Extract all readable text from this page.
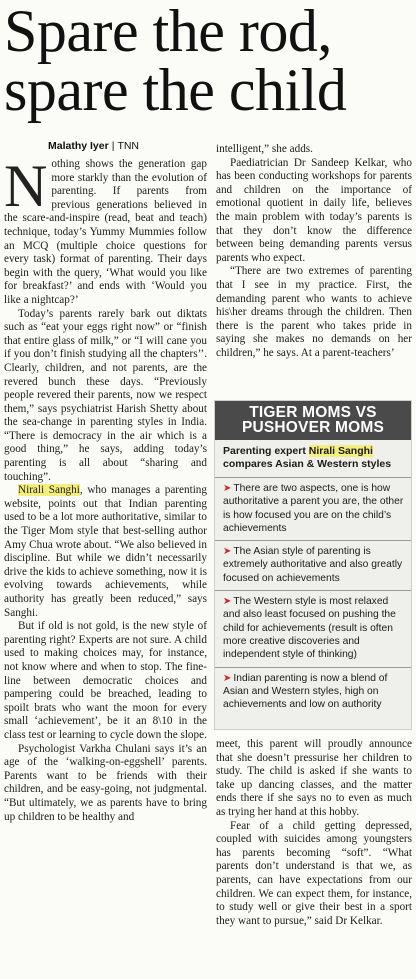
Spare the rod,
spare the child
Malathy Iyer | TNN

Nothing shows the generation gap more starkly than the evolution of parenting. If parents from previous generations believed in the scare-and-inspire (read, beat and teach) technique, today’s Yummy Mummies follow an MCQ (multiple choice questions for every task) format of parenting. Their days begin with the query, ‘What would you like for breakfast?’ and ends with ‘Would you like a nightcap?’

Today’s parents rarely bark out diktats such as “eat your eggs right now” or “finish that entire glass of milk,” or “I will cane you if you don’t finish studying all the chapters’’. Clearly, children, and not parents, are the revered bunch these days. “Previously people revered their parents, now we respect them,” says psychiatrist Harish Shetty about the sea-change in parenting styles in India. “There is democracy in the air which is a good thing,” he says, adding today’s parenting is all about “sharing and touching”.

Nirali Sanghi, who manages a parenting website, points out that Indian parenting used to be a lot more authoritative, similar to the Tiger Mom style that best-selling author Amy Chua wrote about. “We also believed in discipline. But while we didn’t necessarily drive the kids to achieve something, now it is evolving towards achievements, while authority has greatly been reduced,” says Sanghi.

But if old is not gold, is the new style of parenting right? Experts are not sure. A child used to making choices may, for instance, not know where and when to stop. The fine-line between democratic choices and pampering could be breached, leading to spoilt brats who want the moon for every small ‘achievement’, be it an 8\10 in the class test or learning to cycle down the slope.

Psychologist Varkha Chulani says it’s an age of the ‘walking-on-eggshell’ parents. Parents want to be friends with their children, and be easy-going, not judgmental. “But ultimately, we as parents have to bring up children to be healthy and

intelligent,” she adds.

Paediatrician Dr Sandeep Kelkar, who has been conducting workshops for parents and children on the importance of emotional quotient in daily life, believes the main problem with today’s parents is that they don’t know the difference between being demanding parents versus parents who expect.

“There are two extremes of parenting that I see in my practice. First, the demanding parent who wants to achieve his\her dreams through the children. Then there is the parent who takes pride in saying she makes no demands on her children,” he says. At a parent-teachers’

TIGER MOMS VS
PUSHOVER MOMS
Parenting expert Nirali Sanghi compares Asian & Western styles
➤ There are two aspects, one is how authoritative a parent you are, the other is how focused you are on the child’s achievements
➤ The Asian style of parenting is extremely authoritative and also greatly focused on achievements
➤ The Western style is most relaxed and also least focused on pushing the child for achievements (result is often more creative discoveries and independent style of thinking)
➤ Indian parenting is now a blend of Asian and Western styles, high on achievements and low on authority

meet, this parent will proudly announce that she doesn’t pressurise her children to study. The child is asked if she wants to take up dancing classes, and the matter ends there if she says no to even as much as trying her hand at this hobby.

Fear of a child getting depressed, coupled with suicides among youngsters has parents becoming “soft”. “What parents don’t understand is that we, as parents, can have expectations from our children. We can expect them, for instance, to study well or give their best in a sport they want to pursue,” said Dr Kelkar.
